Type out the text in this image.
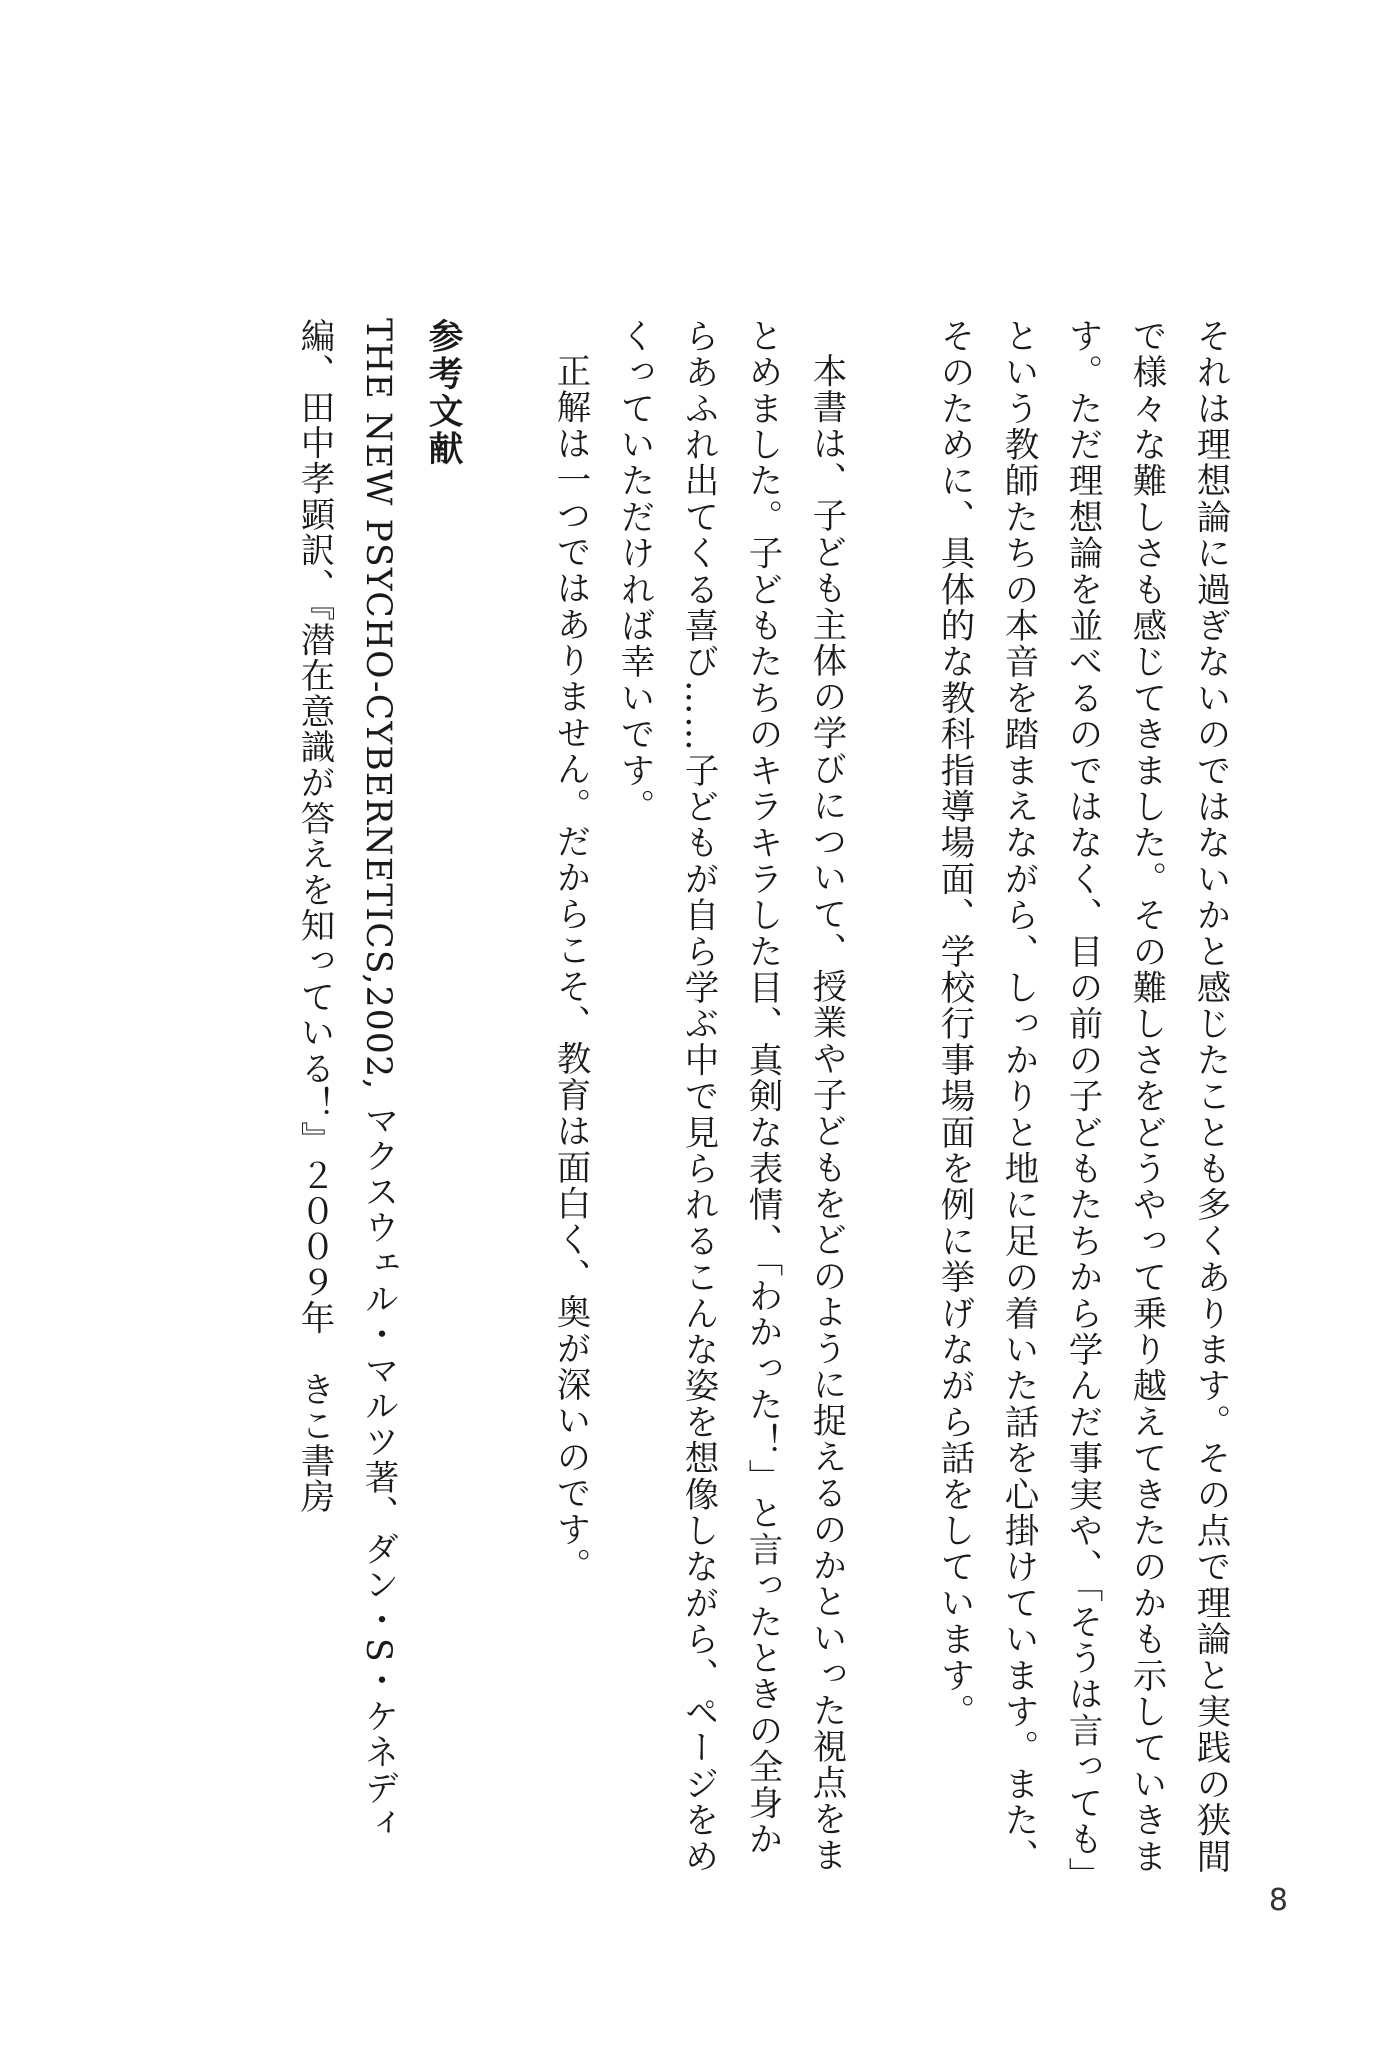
それは理想論に過ぎないのではないかと感じたことも多くあります。その点で理論と実践の狭間で様々な難しさも感じてきました。その難しさをどうやって乗り越えてきたのかも示していきます。ただ理想論を並べるのではなく、目の前の子どもたちから学んだ事実や、「そうは言っても」という教師たちの本音を踏まえながら、しっかりと地に足の着いた話を心掛けています。また、そのために、具体的な教科指導場面、学校行事場面を例に挙げながら話をしています。

本書は、子ども主体の学びについて、授業や子どもをどのように捉えるのかといった視点をまとめました。子どもたちのキラキラした目、真剣な表情、「わかった！」と言ったときの全身からあふれ出てくる喜び……子どもが自ら学ぶ中で見られるこんな姿を想像しながら、ページをめくっていただければ幸いです。

正解は一つではありません。だからこそ、教育は面白く、奥が深いのです。

参考文献

THE NEW PSYCHO-CYBERNETICS,2002, マクスウェル・マルツ著、ダン・S・ケネディ編、田中孝顕訳、『潜在意識が答えを知っている！』２００９年　きこ書房

8
